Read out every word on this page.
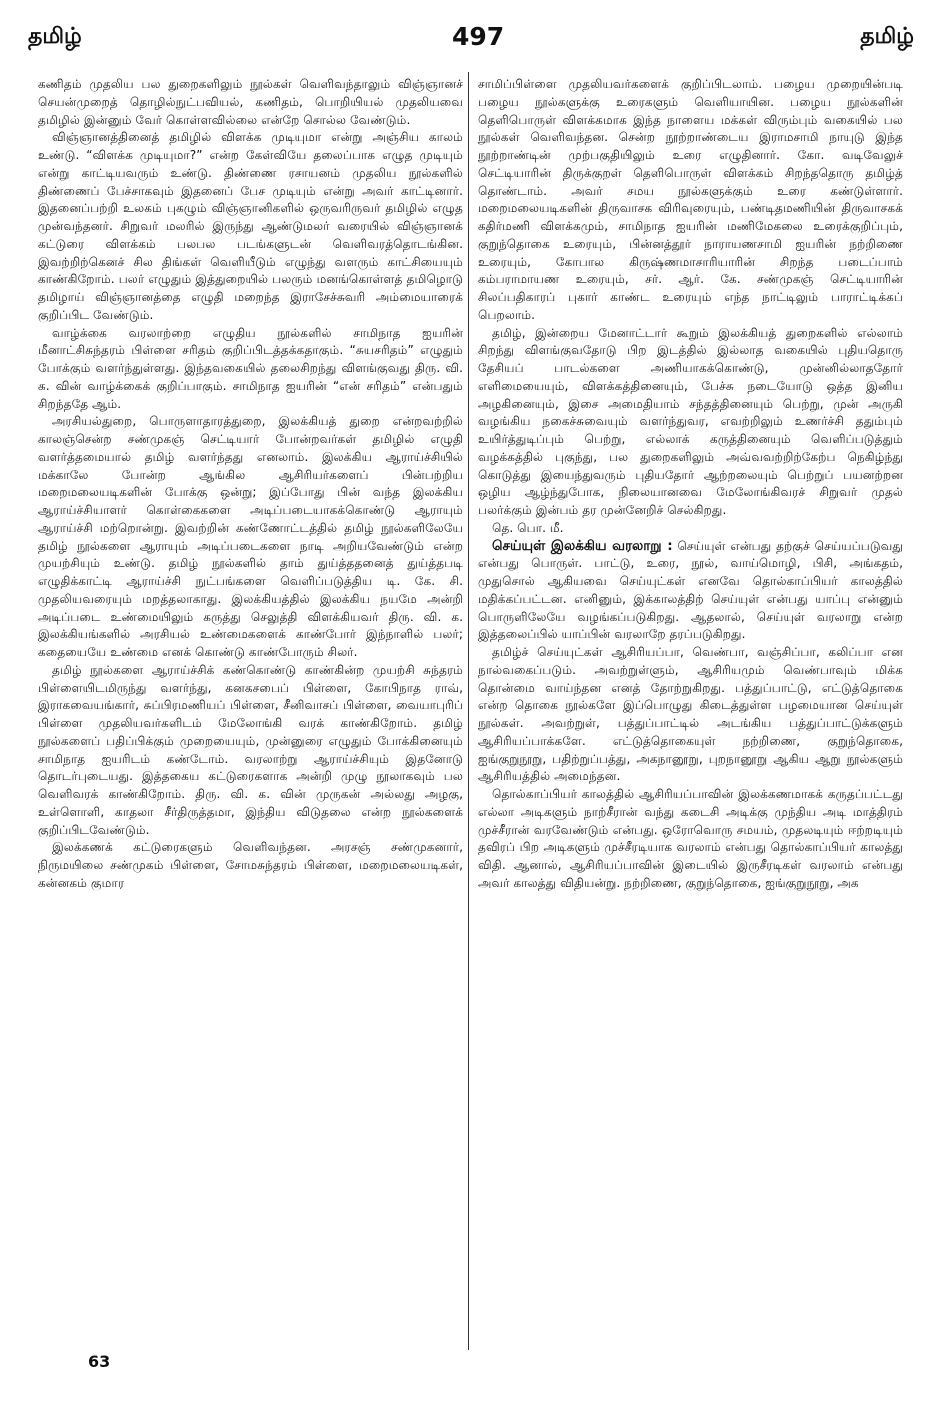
தமிழ்	497	தமிழ்

கணிதம் முதலிய பல துறைகளிலும் நூல்கள் வெளிவந்தாலும் விஞ்ஞானச் செயன்முறைத் தொழில்நுட்பவியல், கணிதம், பொறியியல் முதலியவை தமிழில் இன்னும் வேர் கொள்ளவில்லை என்றே சொல்ல வேண்டும்.

விஞ்ஞானத்தினைத் தமிழில் விளக்க முடியுமா என்று அஞ்சிய காலம் உண்டு. “விளக்க முடியுமா?” என்ற கேள்வியே தலைப்பாக எழுத முடியும் என்று காட்டியவரும் உண்டு. திண்ணை ரசாயனம் முதலிய நூல்களில் திண்ணைப் பேச்சாகவும் இதனைப் பேச முடியும் என்று அவர் காட்டினார். இதனைப்பற்றி உலகம் புகழும் விஞ்ஞானிகளில் ஒருவரிருவர் தமிழில் எழுத முன்வந்தனர். சிறுவர் மலரில் இருந்து ஆண்டுமலர் வரையில் விஞ்ஞானக் கட்டுரை விளக்கம் பலபல படங்களுடன் வெளிவரத்தொடங்கின. இவற்றிற்கெனச் சில திங்கள் வெளியீடும் எழுந்து வளரும் காட்சியையும் காண்கிறோம். பலர் எழுதும் இத்துறையில் பலரும் மனங்கொள்ளத் தமிழொடு தமிழாய் விஞ்ஞானத்தை எழுதி மறைந்த இராசேச்சுவரி அம்மையாரைக் குறிப்பிட வேண்டும்.

வாழ்க்கை வரலாற்றை எழுதிய நூல்களில் சாமிநாத ஐயரின் மீனாட்சிசுந்தரம் பிள்ளை சரிதம் குறிப்பிடத்தக்கதாகும். “சுயசரிதம்” எழுதும் போக்கும் வளர்ந்துள்ளது. இந்தவகையில் தலைசிறந்து விளங்குவது திரு. வி. க. வின் வாழ்க்கைக் குறிப்பாகும். சாமிநாத ஐயரின் “என் சரிதம்” என்பதும் சிறந்ததே ஆம்.

அரசியல்துறை, பொருளாதாரத்துறை, இலக்கியத் துறை என்றவற்றில் காலஞ்சென்ற சண்முகஞ் செட்டியார் போன்றவர்கள் தமிழில் எழுதி வளர்த்தமையால் தமிழ் வளர்ந்தது எனலாம். இலக்கிய ஆராய்ச்சியில் மக்காலே போன்ற ஆங்கில ஆசிரியர்களைப் பின்பற்றிய மறைமலையடிகளின் போக்கு ஒன்று; இப்போது பின் வந்த இலக்கிய ஆராய்ச்சியாளர் கொள்கைகளை அடிப்படையாகக்கொண்டு ஆராயும் ஆராய்ச்சி மற்றொன்று. இவற்றின் கண்ணோட்டத்தில் தமிழ் நூல்களிலேயே தமிழ் நூல்களை ஆராயும் அடிப்படைகளை நாடி அறியவேண்டும் என்ற முயற்சியும் உண்டு. தமிழ் நூல்களில் தாம் துய்த்ததனைத் துய்த்தபடி எழுதிக்காட்டி ஆராய்ச்சி நுட்பங்களை வெளிப்படுத்திய டி. கே. சி. முதலியவரையும் மறத்தலாகாது. இலக்கியத்தில் இலக்கிய நயமே அன்றி அடிப்படை உண்மையிலும் கருத்து செலுத்தி விளக்கியவர் திரு. வி. க. இலக்கியங்களில் அரசியல் உண்மைகளைக் காண்போர் இந்நாளில் பலர்; கதையையே உண்மை எனக் கொண்டு காண்போரும் சிலர்.

தமிழ் நூல்களை ஆராய்ச்சிக் கண்கொண்டு காண்கின்ற முயற்சி சுந்தரம் பிள்ளையிடமிருந்து வளர்ந்து, கனகசபைப் பிள்ளை, கோபிநாத ராவ், இராகவையங்கார், சுப்பிரமணியப் பிள்ளை, சீனிவாசப் பிள்ளை, வையாபுரிப் பிள்ளை முதலியவர்களிடம் மேலோங்கி வரக் காண்கிறோம். தமிழ் நூல்களைப் பதிப்பிக்கும் முறையையும், முன்னுரை எழுதும் போக்கினையும் சாமிநாத ஐயரிடம் கண்டோம். வரலாற்று ஆராய்ச்சியும் இதனோடு தொடர்புடையது. இத்தகைய கட்டுரைகளாக அன்றி முழு நூலாகவும் பல வெளிவரக் காண்கிறோம். திரு. வி. க. வின் முருகன் அல்லது அழகு, உள்ளொளி, காதலா சீர்திருத்தமா, இந்திய விடுதலை என்ற நூல்களைக் குறிப்பிடவேண்டும்.

இலக்கணக் கட்டுரைகளும் வெளிவந்தன. அரசஞ் சண்முகனார், நிருமயிலை சண்முகம் பிள்ளை, சோமசுந்தரம் பிள்ளை, மறைமலையடிகள், கன்னகம் குமார

சாமிப்பிள்ளை முதலியவர்களைக் குறிப்பிடலாம். பழைய முறையின்படி பழைய நூல்களுக்கு உரைகளும் வெளியாயின. பழைய நூல்களின் தெளிபொருள் விளக்கமாக இந்த நாளைய மக்கள் விரும்பும் வகையில் பல நூல்கள் வெளிவந்தன. சென்ற நூற்றாண்டைய இராமசாமி நாயுடு இந்த நூற்றாண்டின் முற்பகுதியிலும் உரை எழுதினார். கோ. வடிவேலுச் செட்டியாரின் திருக்குறள் தெளிபொருள் விளக்கம் சிறந்ததொரு தமிழ்த் தொண்டாம். அவர் சமய நூல்களுக்கும் உரை கண்டுள்ளார். மறைமலையடிகளின் திருவாசக விரிவுரையும், பண்டிதமணியின் திருவாசகக் கதிர்மணி விளக்கமும், சாமிநாத ஐயரின் மணிமேகலை உரைக்குறிப்பும், குறுந்தொகை உரையும், பின்னத்தூர் நாராயணசாமி ஐயரின் நற்றிணை உரையும், கோபால கிருஷ்ணமாசாரியாரின் சிறந்த படைப்பாம் கம்பராமாயண உரையும், சர். ஆர். கே. சண்முகஞ் செட்டியாரின் சிலப்பதிகாரப் புகார் காண்ட உரையும் எந்த நாட்டிலும் பாராட்டிக்கப் பெறலாம்.

தமிழ், இன்றைய மேனாட்டார் கூறும் இலக்கியத் துறைகளில் எல்லாம் சிறந்து விளங்குவதோடு பிற இடத்தில் இல்லாத வகையில் புதியதொரு தேசியப் பாடல்களை அணியாகக்கொண்டு, முன்னில்லாததோர் எளிமையையும், விளக்கத்தினையும், பேச்சு நடையோடு ஒத்த இனிய அழகினையும், இசை அமைதியாம் சந்தத்தினையும் பெற்று, முன் அருகி வழங்கிய நகைச்சுவையும் வளர்ந்துவர, எவற்றிலும் உணர்ச்சி ததும்பும் உயிர்த்துடிப்பும் பெற்று, எல்லாக் கருத்தினையும் வெளிப்படுத்தும் வழக்கத்தில் புகுந்து, பல துறைகளிலும் அவ்வவற்றிற்கேற்ப நெகிழ்ந்து கொடுத்து இயைந்துவரும் புதியதோர் ஆற்றலையும் பெற்றுப் பயனற்றன ஒழிய ஆழ்ந்துபோக, நிலையானவை மேலோங்கிவரச் சிறுவர் முதல் பலர்க்கும் இன்பம் தர முன்னேறிச் செல்கிறது.

தெ. பொ. மீ.

செய்யுள் இலக்கிய வரலாறு : செய்யுள் என்பது தற்குச் செய்யப்படுவது என்பது பொருள். பாட்டு, உரை, நூல், வாய்மொழி, பிசி, அங்கதம், முதுசொல் ஆகியவை செய்யுட்கள் எனவே தொல்காப்பியர் காலத்தில் மதிக்கப்பட்டன. எனினும், இக்காலத்திற் செய்யுள் என்பது யாப்பு என்னும் பொருளிலேயே வழங்கப்படுகிறது. ஆதலால், செய்யுள் வரலாறு என்ற இத்தலைப்பில் யாப்பின் வரலாறே தரப்படுகிறது.

தமிழ்ச் செய்யுட்கள் ஆசிரியப்பா, வெண்பா, வஞ்சிப்பா, கலிப்பா என நால்வகைப்படும். அவற்றுள்ளும், ஆசிரியமும் வெண்பாவும் மிக்க தொன்மை வாய்ந்தன எனத் தோற்றுகிறது. பத்துப்பாட்டு, எட்டுத்தொகை என்ற தொகை நூல்களே இப்பொழுது கிடைத்துள்ள பழமையான செய்யுள் நூல்கள். அவற்றுள், பத்துப்பாட்டில் அடங்கிய பத்துப்பாட்டுக்களும் ஆசிரியப்பாக்களே. எட்டுத்தொகையுள் நற்றிணை, குறுந்தொகை, ஐங்குறுநூறு, பதிற்றுப்பத்து, அகநானூறு, புறநானூறு ஆகிய ஆறு நூல்களும் ஆசிரியத்தில் அமைந்தன.

தொல்காப்பியர் காலத்தில் ஆசிரியப்பாவின் இலக்கணமாகக் கருதப்பட்டது எல்லா அடிகளும் நாற்சீரான் வந்து கடைசி அடிக்கு முந்திய அடி மாத்திரம் முச்சீரான் வரவேண்டும் என்பது. ஒரோவொரு சமயம், முதலடியும் ஈற்றடியும் தவிரப் பிற அடிகளும் முச்சீரடியாக வரலாம் என்பது தொல்காப்பியர் காலத்து விதி. ஆனால், ஆசிரியப்பாவின் இடையில் இருசீரடிகள் வரலாம் என்பது அவர் காலத்து விதியன்று. நற்றிணை, குறுந்தொகை, ஐங்குறுநூறு, அக

63
